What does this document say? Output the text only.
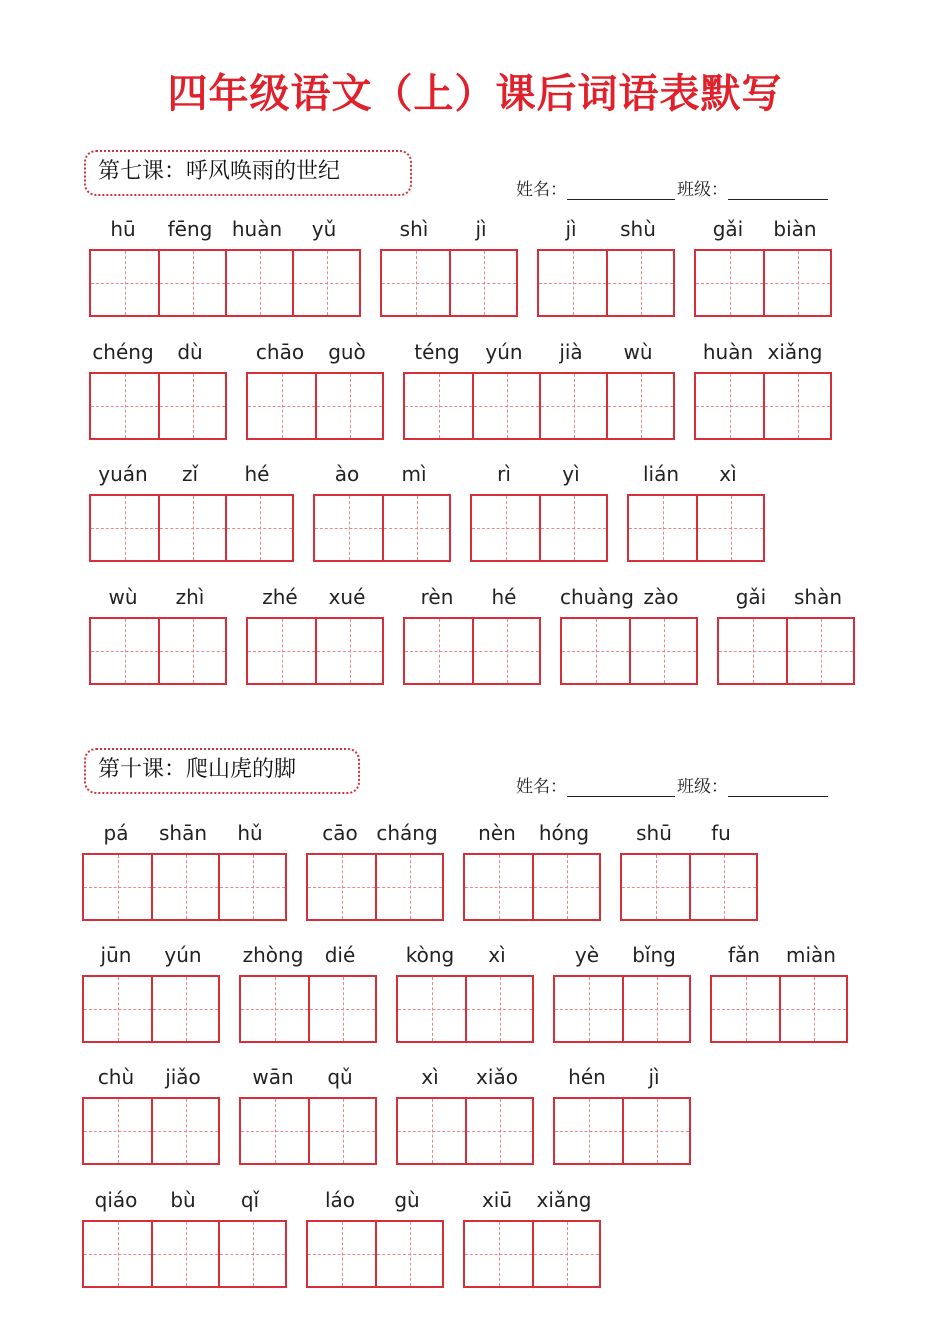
四年级语文（上）课后词语表默写
第七课：呼风唤雨的世纪
姓名：	班级：
第十课：爬山虎的脚
姓名：	班级：
hū	fēng huàn	yǔ	shì	jì	jì	shù	gǎi	biàn
chéng	dù	chāo	guò	téng	yún	jià	wù	huàn xiǎng
yuán	zǐ	hé	ào	mì	rì	yì	lián	xì
wù	zhì	zhé	xué	rèn	hé	chuàng zào	gǎi	shàn
pá	shān	hǔ	cāo cháng	nèn	hóng	shū	fu
jūn	yún	zhòng	dié	kòng	xì	yè	bǐng	fǎn	miàn
chù	jiǎo	wān	qǔ	xì	xiǎo	hén	jì
qiáo	bù	qǐ	láo	gù	xiū	xiǎng
